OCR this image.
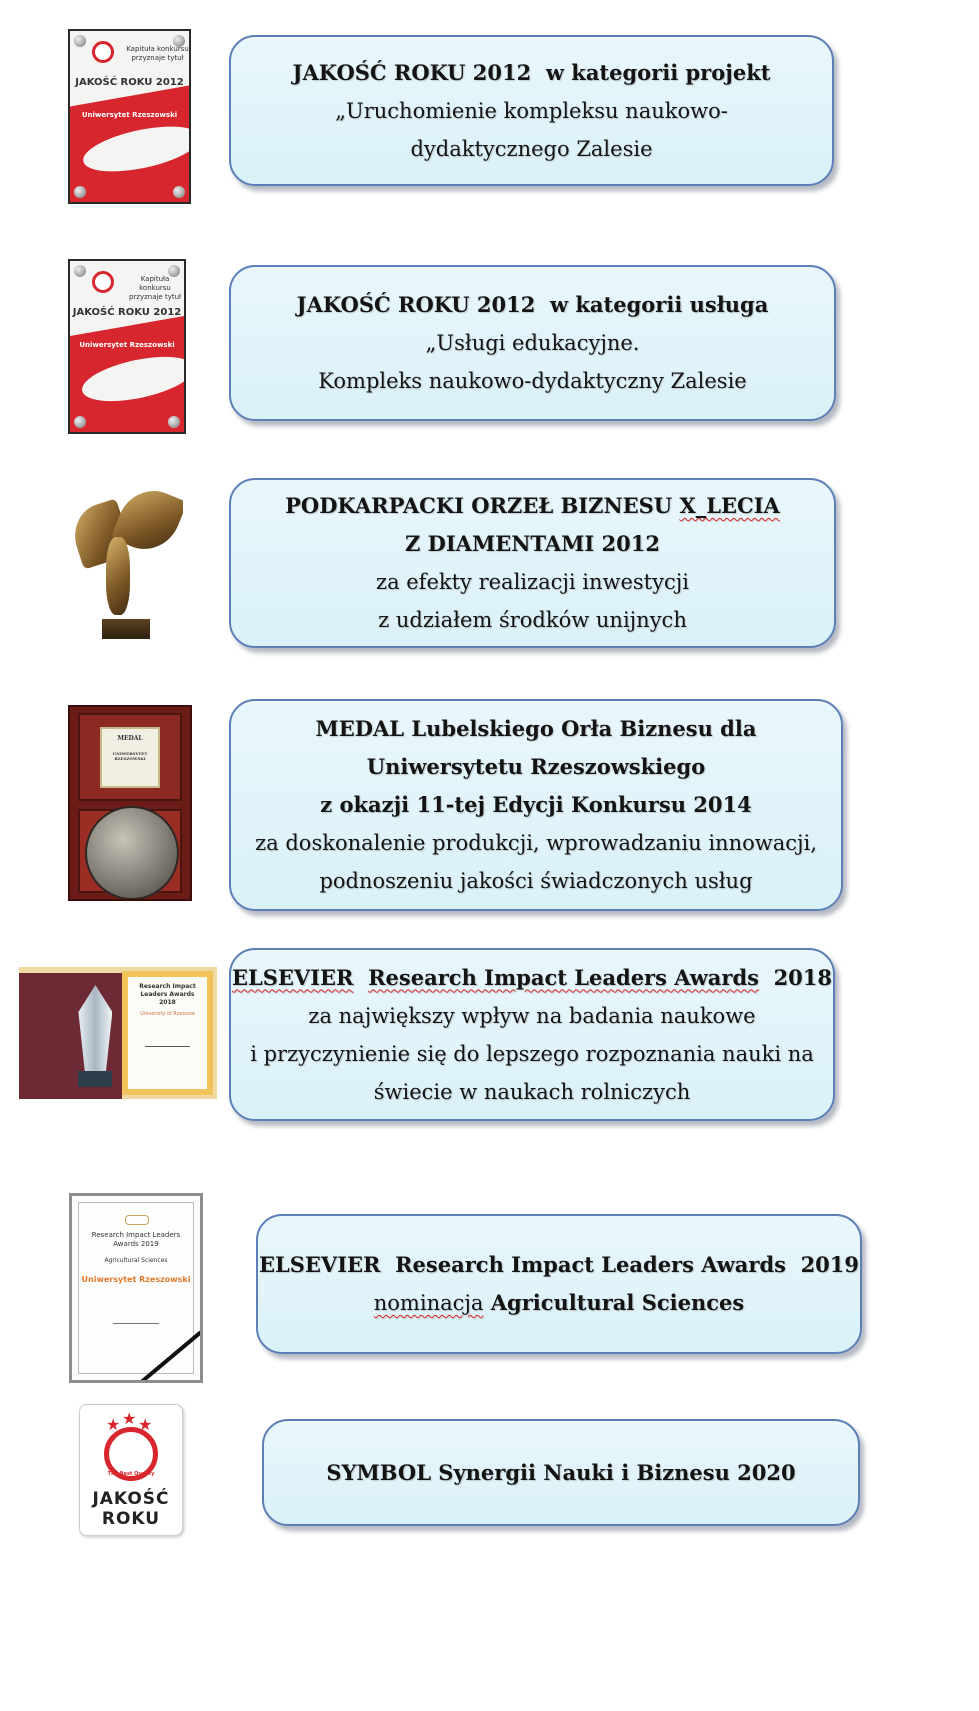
Kapituła konkursu przyznaje tytuł
JAKOŚĆ ROKU 2012
Uniwersytet Rzeszowski
Kapituła konkursu przyznaje tytuł
JAKOŚĆ ROKU 2012
Uniwersytet Rzeszowski
MEDAL
UNIWERSYTET RZESZOWSKI
Research Impact Leaders Awards 2018
University of Rzeszow
Research Impact Leaders Awards 2019
Agricultural Sciences
Uniwersytet Rzeszowski
★ ★ ★
JAKOŚĆ
ROKU
The Best Quality
JAKOŚĆ ROKU 2012  w kategorii projekt
„Uruchomienie kompleksu naukowo-
dydaktycznego Zalesie
JAKOŚĆ ROKU 2012  w kategorii usługa
„Usługi edukacyjne.
Kompleks naukowo-dydaktyczny Zalesie
PODKARPACKI ORZEŁ BIZNESU X_LECIA
Z DIAMENTAMI 2012
za efekty realizacji inwestycji
z udziałem środków unijnych
MEDAL Lubelskiego Orła Biznesu dla
Uniwersytetu Rzeszowskiego
z okazji 11-tej Edycji Konkursu 2014
za doskonalenie produkcji, wprowadzaniu innowacji,
podnoszeniu jakości świadczonych usług
ELSEVIER Research Impact Leaders Awards  2018
za największy wpływ na badania naukowe
i przyczynienie się do lepszego rozpoznania nauki na
świecie w naukach rolniczych
ELSEVIER  Research Impact Leaders Awards  2019
nominacja Agricultural Sciences
SYMBOL Synergii Nauki i Biznesu 2020
